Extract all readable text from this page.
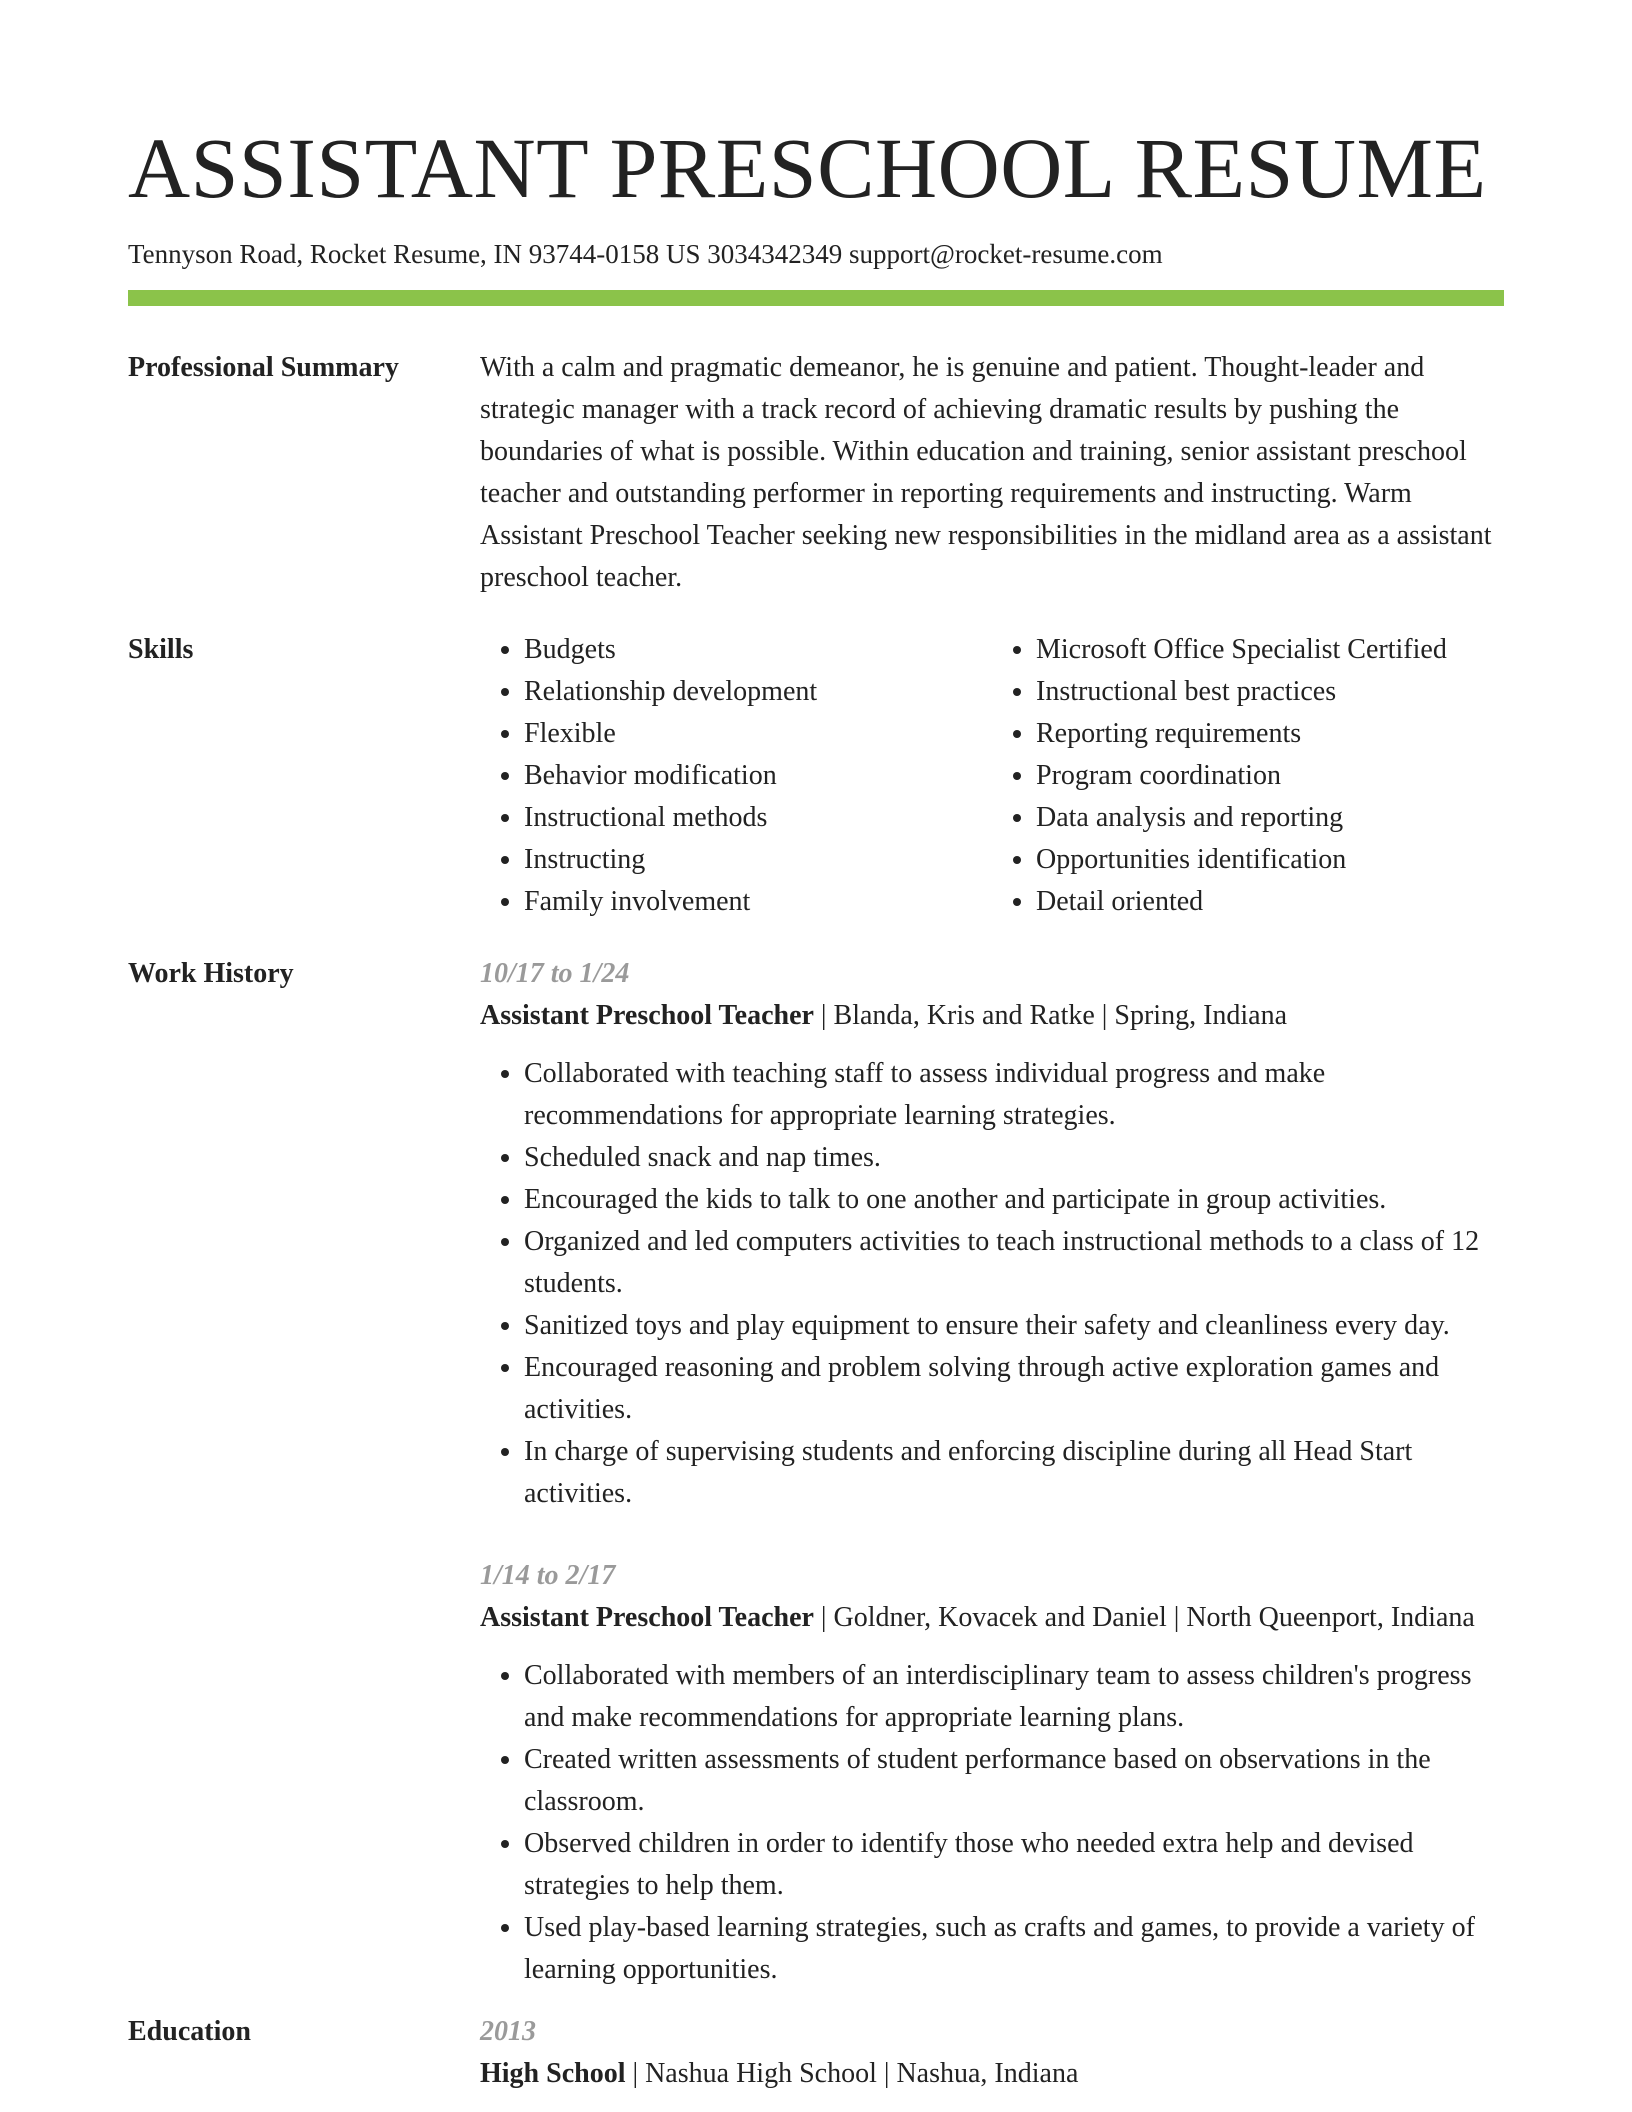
ASSISTANT PRESCHOOL RESUME
Tennyson Road, Rocket Resume, IN 93744-0158 US 3034342349 support@rocket-resume.com
Professional Summary	With a calm and pragmatic demeanor, he is genuine and patient. Thought-leader and strategic manager with a track record of achieving dramatic results by pushing the boundaries of what is possible. Within education and training, senior assistant preschool teacher and outstanding performer in reporting requirements and instructing. Warm Assistant Preschool Teacher seeking new responsibilities in the midland area as a assistant preschool teacher.

Skills
•	Budgets
• Relationship development
• Flexible
• Behavior modification
• Instructional methods
• Instructing
• Family involvement
• Microsoft Office Specialist Certified
• Instructional best practices
• Reporting requirements
• Program coordination
• Data analysis and reporting
• Opportunities identification
• Detail oriented
Work History	10/17 to 1/24
Assistant Preschool Teacher | Blanda, Kris and Ratke | Spring, Indiana
• Collaborated with teaching staff to assess individual progress and make recommendations for appropriate learning strategies.
• Scheduled snack and nap times.
• Encouraged the kids to talk to one another and participate in group activities.
• Organized and led computers activities to teach instructional methods to a class of 12 students.
• Sanitized toys and play equipment to ensure their safety and cleanliness every day.
• Encouraged reasoning and problem solving through active exploration games and activities.
• In charge of supervising students and enforcing discipline during all Head Start activities.
1/14 to 2/17
Assistant Preschool Teacher | Goldner, Kovacek and Daniel | North Queenport, Indiana
• Collaborated with members of an interdisciplinary team to assess children's progress and make recommendations for appropriate learning plans.
• Created written assessments of student performance based on observations in the classroom.
• Observed children in order to identify those who needed extra help and devised strategies to help them.
• Used play-based learning strategies, such as crafts and games, to provide a variety of learning opportunities.
Education	2013
High School | Nashua High School | Nashua, Indiana
